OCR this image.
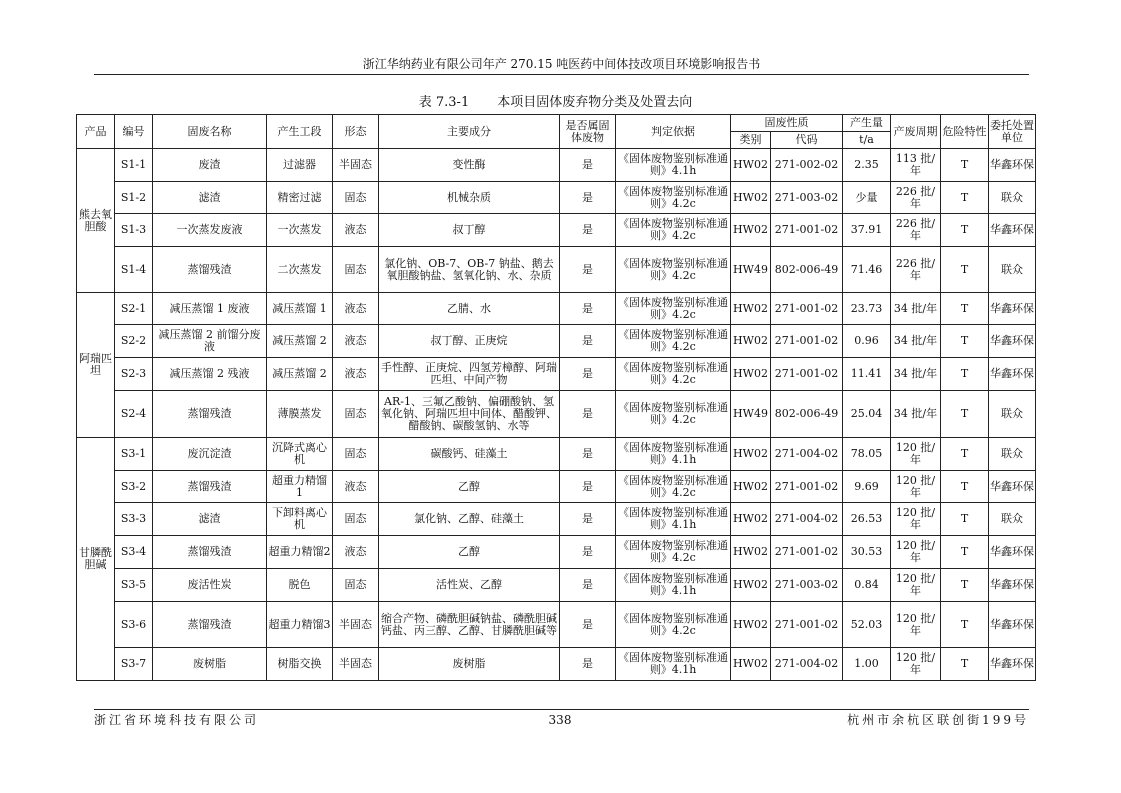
浙江华纳药业有限公司年产 270.15 吨医药中间体技改项目环境影响报告书
表 7.3-1 本项目固体废弃物分类及处置去向
产品	编号	固废名称	产生工段	形态	主要成分	是否属固体废物	判定依据	固废性质		产生量	产废周期	危险特性	委托处置单位
								类别	代码	t/a			
熊去氧胆酸	S1-1	废渣	过滤器	半固态	变性酶	是	《固体废物鉴别标准通则》4.1h	HW02	271-002-02	2.35	113 批/年	T	华鑫环保
	S1-2	滤渣	精密过滤	固态	机械杂质	是	《固体废物鉴别标准通则》4.2c	HW02	271-003-02	少量	226 批/年	T	联众
	S1-3	一次蒸发废液	一次蒸发	液态	叔丁醇	是	《固体废物鉴别标准通则》4.2c	HW02	271-001-02	37.91	226 批/年	T	华鑫环保
	S1-4	蒸馏残渣	二次蒸发	固态	氯化钠、OB-7、OB-7 钠盐、鹅去氧胆酸钠盐、氢氧化钠、水、杂质	是	《固体废物鉴别标准通则》4.2c	HW49	802-006-49	71.46	226 批/年	T	联众
阿瑞匹坦	S2-1	减压蒸馏 1 废液	减压蒸馏 1	液态	乙腈、水	是	《固体废物鉴别标准通则》4.2c	HW02	271-001-02	23.73	34 批/年	T	华鑫环保
	S2-2	减压蒸馏 2 前馏分废液	减压蒸馏 2	液态	叔丁醇、正庚烷	是	《固体废物鉴别标准通则》4.2c	HW02	271-001-02	0.96	34 批/年	T	华鑫环保
	S2-3	减压蒸馏 2 残液	减压蒸馏 2	液态	手性醇、正庚烷、四氢芳樟醇、阿瑞匹坦、中间产物	是	《固体废物鉴别标准通则》4.2c	HW02	271-001-02	11.41	34 批/年	T	华鑫环保
	S2-4	蒸馏残渣	薄膜蒸发	固态	AR-1、三氟乙酸钠、偏硼酸钠、氢氧化钠、阿瑞匹坦中间体、醋酸钾、醋酸钠、碳酸氢钠、水等	是	《固体废物鉴别标准通则》4.2c	HW49	802-006-49	25.04	34 批/年	T	联众
甘膦酰胆碱	S3-1	废沉淀渣	沉降式离心机	固态	碳酸钙、硅藻土	是	《固体废物鉴别标准通则》4.1h	HW02	271-004-02	78.05	120 批/年	T	联众
	S3-2	蒸馏残渣	超重力精馏 1	液态	乙醇	是	《固体废物鉴别标准通则》4.2c	HW02	271-001-02	9.69	120 批/年	T	华鑫环保
	S3-3	滤渣	下卸料离心机	固态	氯化钠、乙醇、硅藻土	是	《固体废物鉴别标准通则》4.1h	HW02	271-004-02	26.53	120 批/年	T	联众
	S3-4	蒸馏残渣	超重力精馏2	液态	乙醇	是	《固体废物鉴别标准通则》4.2c	HW02	271-001-02	30.53	120 批/年	T	华鑫环保
	S3-5	废活性炭	脱色	固态	活性炭、乙醇	是	《固体废物鉴别标准通则》4.1h	HW02	271-003-02	0.84	120 批/年	T	华鑫环保
	S3-6	蒸馏残渣	超重力精馏3	半固态	缩合产物、磷酰胆碱钠盐、磷酰胆碱钙盐、丙三醇、乙醇、甘膦酰胆碱等	是	《固体废物鉴别标准通则》4.2c	HW02	271-001-02	52.03	120 批/年	T	华鑫环保
	S3-7	废树脂	树脂交换	半固态	废树脂	是	《固体废物鉴别标准通则》4.1h	HW02	271-004-02	1.00	120 批/年	T	华鑫环保
浙江省环境科技有限公司	338	杭州市余杭区联创街199号
